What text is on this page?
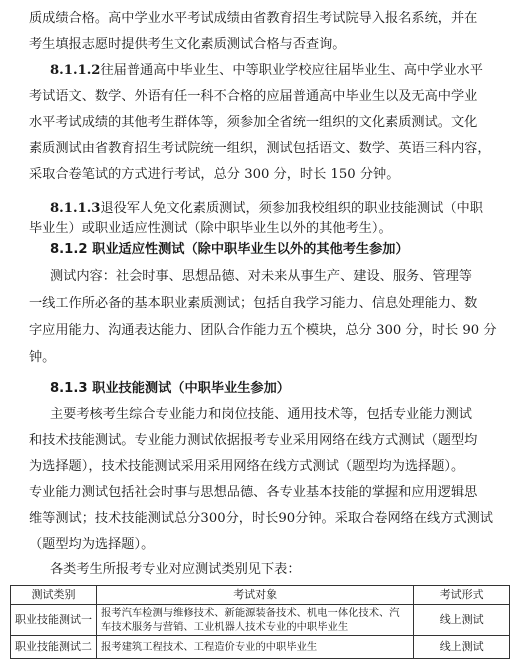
质成绩合格。高中学业水平考试成绩由省教育招生考试院导入报名系统，并在
考生填报志愿时提供考生文化素质测试合格与否查询。
8.1.1.2往届普通高中毕业生、中等职业学校应往届毕业生、高中学业水平
考试语文、数学、外语有任一科不合格的应届普通高中毕业生以及无高中学业
水平考试成绩的其他考生群体等，须参加全省统一组织的文化素质测试。文化
素质测试由省教育招生考试院统一组织，测试包括语文、数学、英语三科内容，
采取合卷笔试的方式进行考试，总分 300 分，时长 150 分钟。
8.1.1.3退役军人免文化素质测试，须参加我校组织的职业技能测试（中职
毕业生）或职业适应性测试（除中职毕业生以外的其他考生）。
8.1.2 职业适应性测试（除中职毕业生以外的其他考生参加）
测试内容：社会时事、思想品德、对未来从事生产、建设、服务、管理等
一线工作所必备的基本职业素质测试；包括自我学习能力、信息处理能力、数
字应用能力、沟通表达能力、团队合作能力五个模块，总分 300 分，时长 90 分
钟。
8.1.3 职业技能测试（中职毕业生参加）
主要考核考生综合专业能力和岗位技能、通用技术等，包括专业能力测试
和技术技能测试。专业能力测试依据报考专业采用网络在线方式测试（题型均
为选择题），技术技能测试采用采用网络在线方式测试（题型均为选择题）。
专业能力测试包括社会时事与思想品德、各专业基本技能的掌握和应用逻辑思
维等测试；技术技能测试总分300分，时长90分钟。采取合卷网络在线方式测试
（题型均为选择题）。
各类考生所报考专业对应测试类别见下表：
测试类别	考试对象	考试形式
职业技能测试一	报考汽车检测与维修技术、新能源装备技术、机电一体化技术、汽车技术服务与营销、工业机器人技术专业的中职毕业生	线上测试
职业技能测试二	报考建筑工程技术、工程造价专业的中职毕业生	线上测试
